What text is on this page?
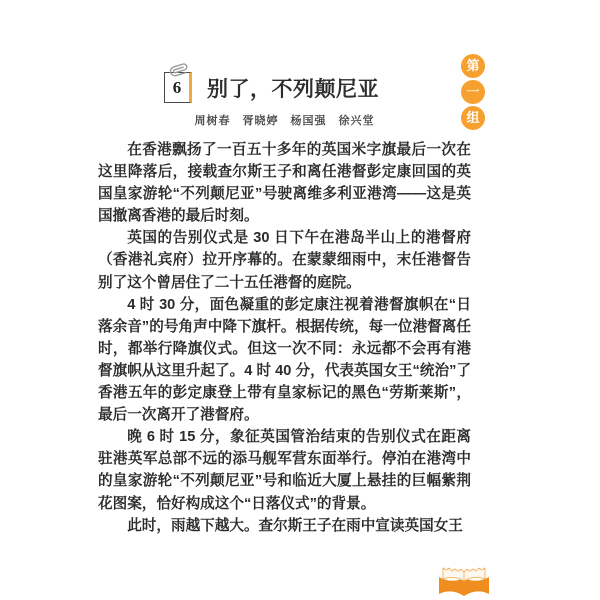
第
一
组
6 别了，不列颠尼亚
周树春　胥晓婷　杨国强　徐兴堂

在香港飘扬了一百五十多年的英国米字旗最后一次在这里降落后，接载查尔斯王子和离任港督彭定康回国的英国皇家游轮“不列颠尼亚”号驶离维多利亚港湾——这是英国撤离香港的最后时刻。

英国的告别仪式是 30 日下午在港岛半山上的港督府（香港礼宾府）拉开序幕的。在蒙蒙细雨中，末任港督告别了这个曾居住了二十五任港督的庭院。

4 时 30 分，面色凝重的彭定康注视着港督旗帜在“日落余音”的号角声中降下旗杆。根据传统，每一位港督离任时，都举行降旗仪式。但这一次不同：永远都不会再有港督旗帜从这里升起了。4 时 40 分，代表英国女王“统治”了香港五年的彭定康登上带有皇家标记的黑色“劳斯莱斯”，最后一次离开了港督府。

晚 6 时 15 分，象征英国管治结束的告别仪式在距离驻港英军总部不远的添马舰军营东面举行。停泊在港湾中的皇家游轮“不列颠尼亚”号和临近大厦上悬挂的巨幅紫荆花图案，恰好构成这个“日落仪式”的背景。

此时，雨越下越大。查尔斯王子在雨中宣读英国女王
